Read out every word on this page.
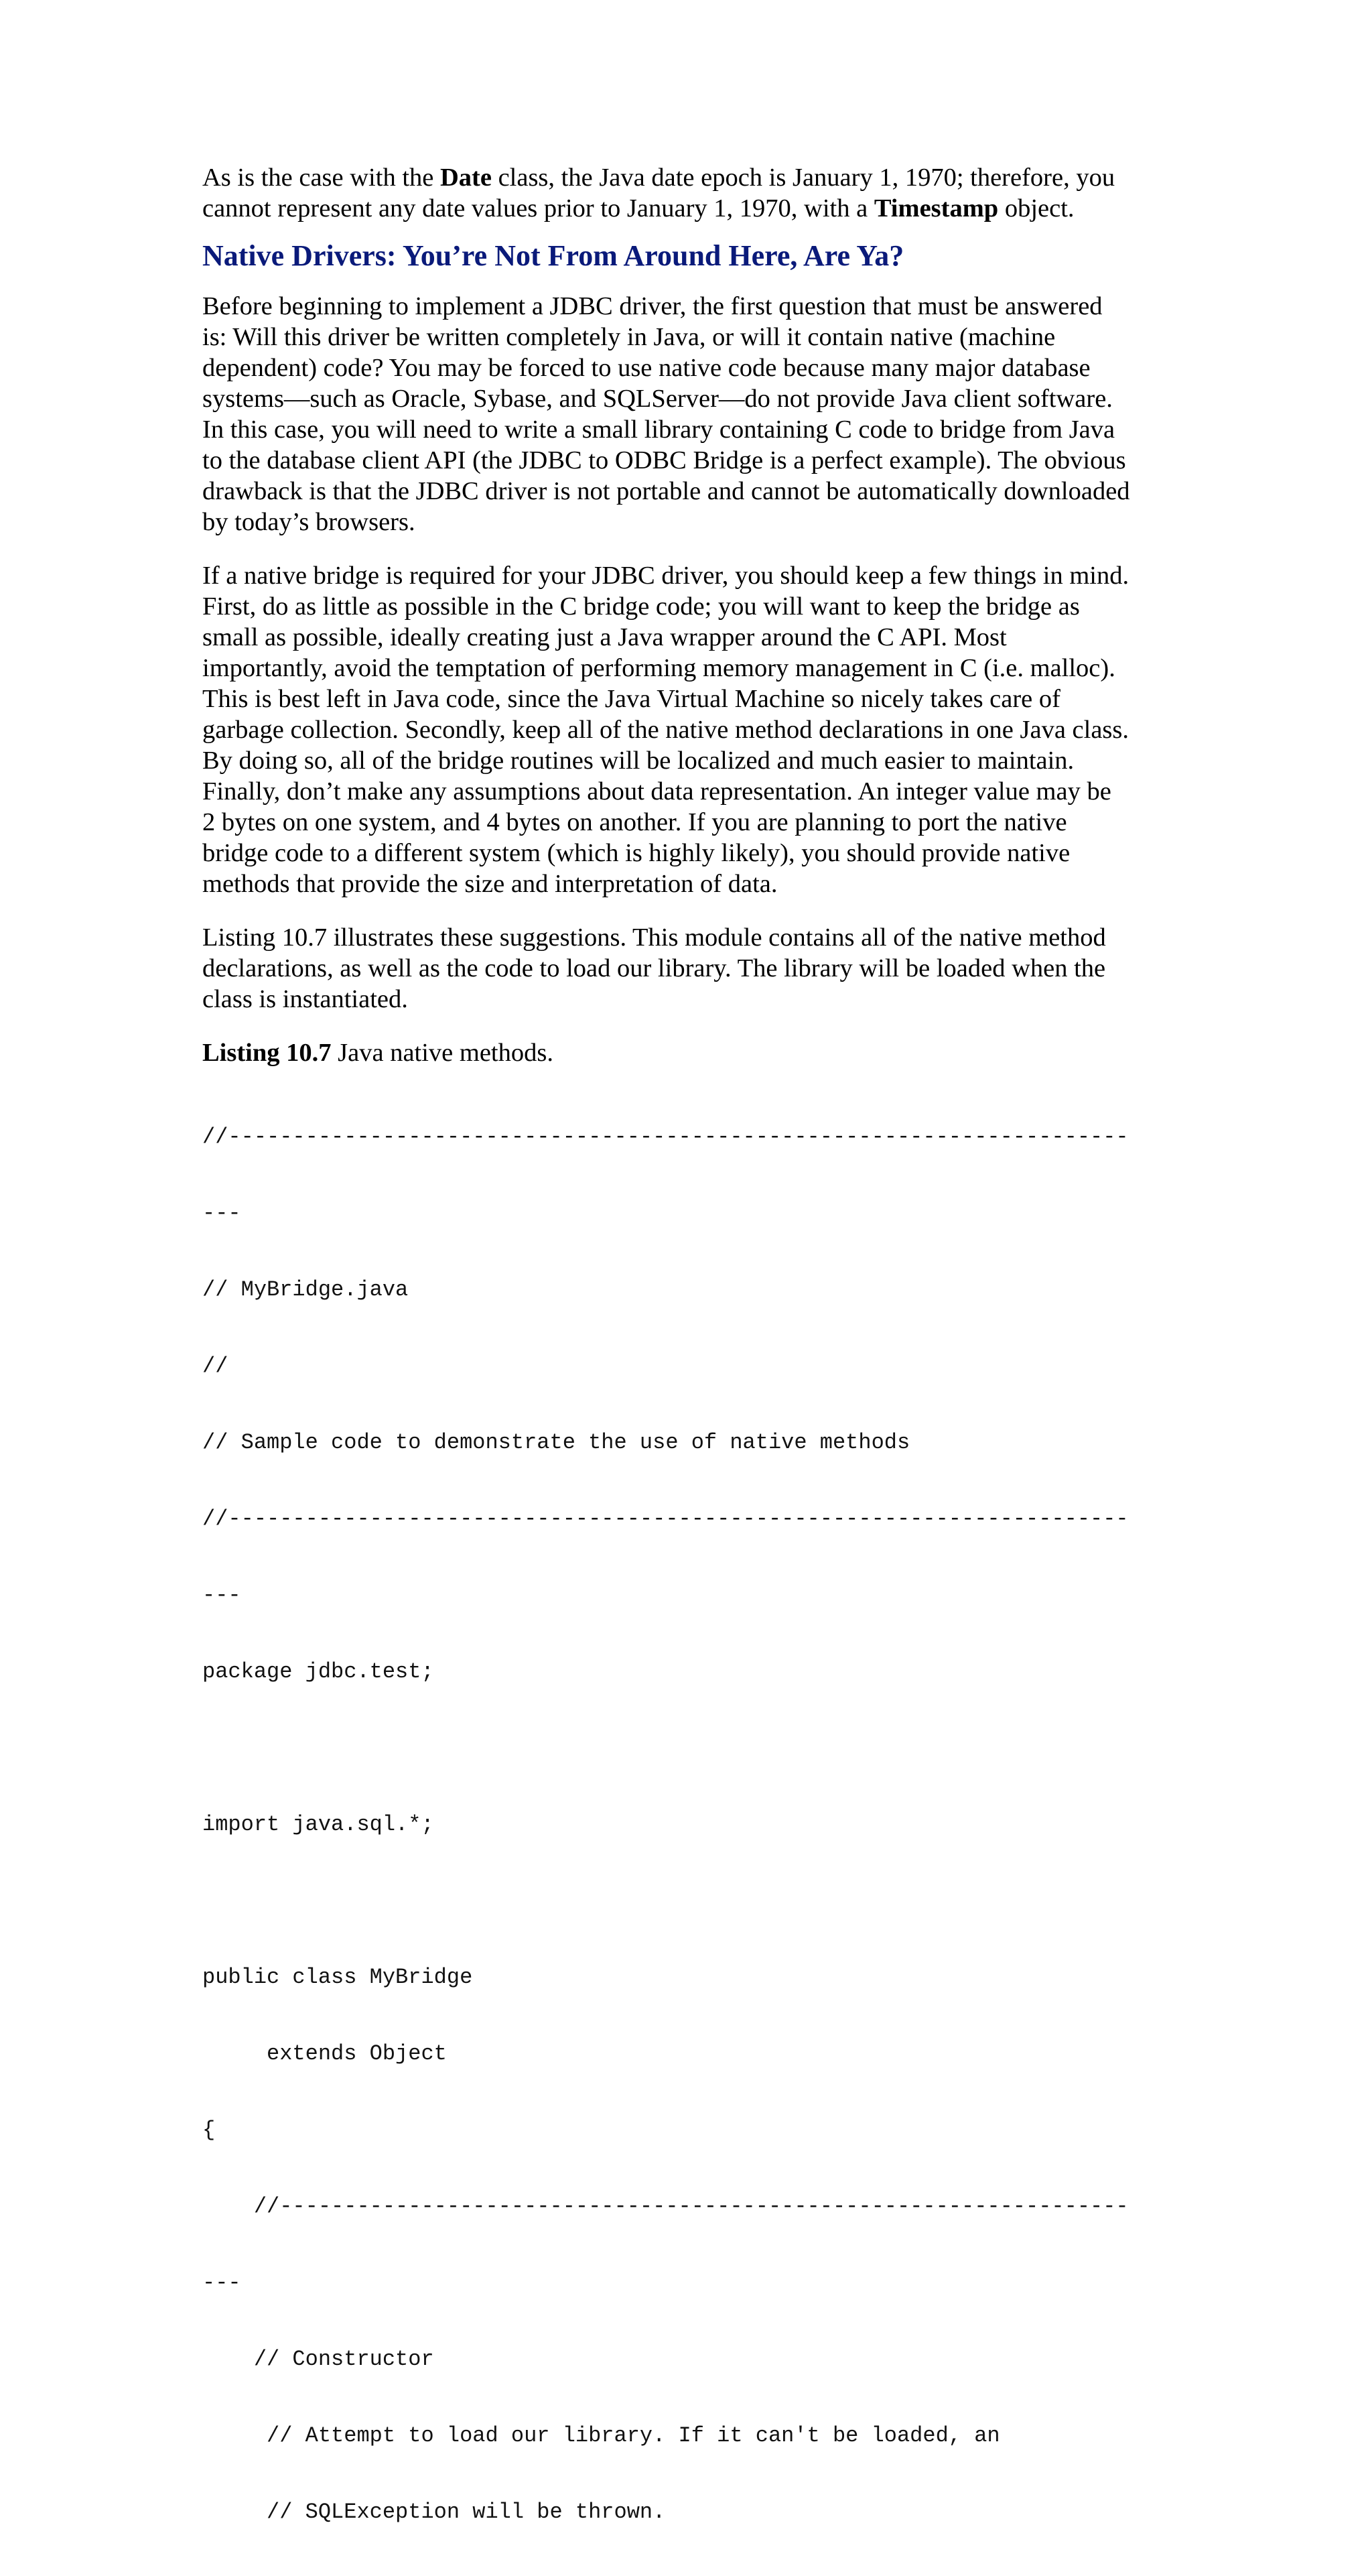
As is the case with the Date class, the Java date epoch is January 1, 1970; therefore, you
cannot represent any date values prior to January 1, 1970, with a Timestamp object.

Native Drivers: You’re Not From Around Here, Are Ya?

Before beginning to implement a JDBC driver, the first question that must be answered
is: Will this driver be written completely in Java, or will it contain native (machine
dependent) code? You may be forced to use native code because many major database
systems—such as Oracle, Sybase, and SQLServer—do not provide Java client software.
In this case, you will need to write a small library containing C code to bridge from Java
to the database client API (the JDBC to ODBC Bridge is a perfect example). The obvious
drawback is that the JDBC driver is not portable and cannot be automatically downloaded
by today’s browsers.

If a native bridge is required for your JDBC driver, you should keep a few things in mind.
First, do as little as possible in the C bridge code; you will want to keep the bridge as
small as possible, ideally creating just a Java wrapper around the C API. Most
importantly, avoid the temptation of performing memory management in C (i.e. malloc).
This is best left in Java code, since the Java Virtual Machine so nicely takes care of
garbage collection. Secondly, keep all of the native method declarations in one Java class.
By doing so, all of the bridge routines will be localized and much easier to maintain.
Finally, don’t make any assumptions about data representation. An integer value may be
2 bytes on one system, and 4 bytes on another. If you are planning to port the native
bridge code to a different system (which is highly likely), you should provide native
methods that provide the size and interpretation of data.

Listing 10.7 illustrates these suggestions. This module contains all of the native method
declarations, as well as the code to load our library. The library will be loaded when the
class is instantiated.

Listing 10.7 Java native methods.

//----------------------------------------------------------------------

---

// MyBridge.java

//

// Sample code to demonstrate the use of native methods

//----------------------------------------------------------------------

---

package jdbc.test;

import java.sql.*;

public class MyBridge

extends Object

{

//------------------------------------------------------------------

---

// Constructor

// Attempt to load our library. If it can't be loaded, an

// SQLException will be thrown.
